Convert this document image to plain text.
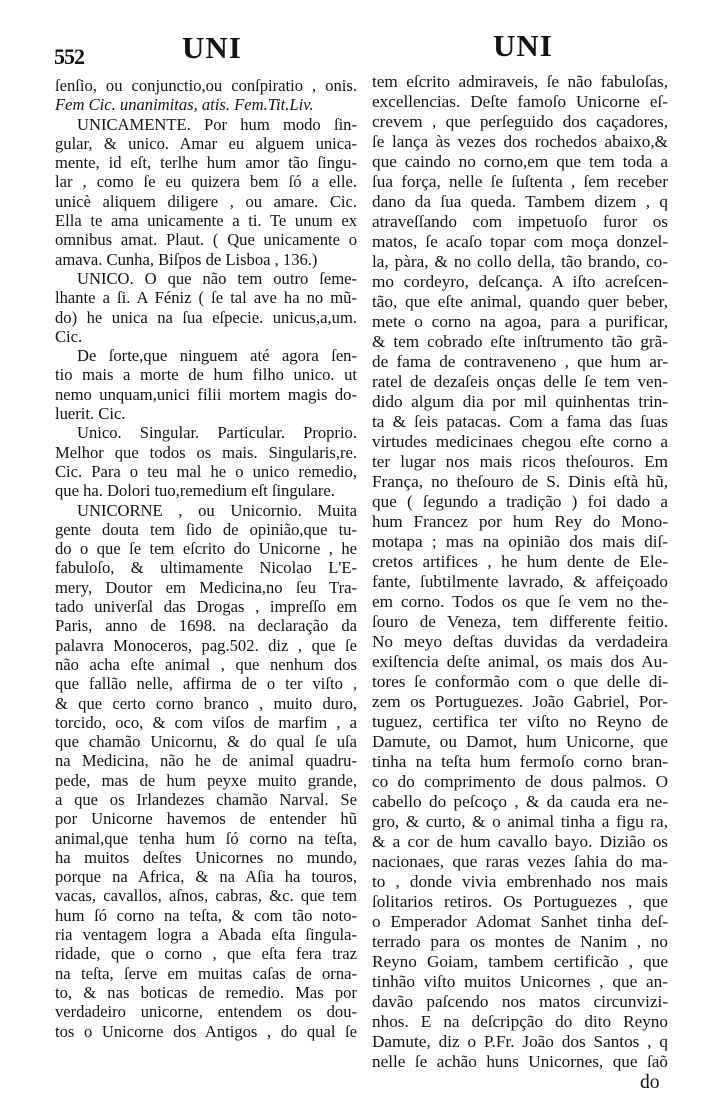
552	UNI	UNI
ſenſio, ou conjunctio,ou conſpiratio , onis.
Fem Cic. unanimitas, atis. Fem.Tit.Liv.
UNICAMENTE. Por hum modo ſin-
gular, & unico. Amar eu alguem unica-
mente, id eſt, terlhe hum amor tão ſingu-
lar , como ſe eu quizera bem ſó a elle.
unicè aliquem diligere , ou amare. Cic.
Ella te ama unicamente a ti. Te unum ex
omnibus amat. Plaut. ( Que unicamente o
amava. Cunha, Biſpos de Lisboa , 136.)
UNICO. O que não tem outro ſeme-
lhante a ſi. A Féniz ( ſe tal ave ha no mũ-
do) he unica na ſua eſpecie. unicus,a,um.
Cic.
De ſorte,que ninguem até agora ſen-
tio mais a morte de hum filho unico. ut
nemo unquam,unici filii mortem magis do-
luerit. Cic.
Unico. Singular. Particular. Proprio.
Melhor que todos os mais. Singularis,re.
Cic. Para o teu mal he o unico remedio,
que ha. Dolori tuo,remedium eſt ſingulare.
UNICORNE , ou Unicornio. Muita
gente douta tem ſido de opinião,que tu-
do o que ſe tem eſcrito do Unicorne , he
fabuloſo, & ultimamente Nicolao L'E-
mery, Doutor em Medicina,no ſeu Tra-
tado univerſal das Drogas , impreſſo em
Paris, anno de 1698. na declaração da
palavra Monoceros, pag.502. diz , que ſe
não acha eſte animal , que nenhum dos
que fallão nelle, affirma de o ter viſto ,
& que certo corno branco , muito duro,
torcido, oco, & com viſos de marfim , a
que chamão Unicornu, & do qual ſe uſa
na Medicina, não he de animal quadru-
pede, mas de hum peyxe muito grande,
a que os Irlandezes chamão Narval. Se
por Unicorne havemos de entender hũ
animal,que tenha hum ſó corno na teſta,
ha muitos deſtes Unicornes no mundo,
porque na Africa, & na Aſia ha touros,
vacas, cavallos, aſnos, cabras, &c. que tem
hum ſó corno na teſta, & com tão noto-
ria ventagem logra a Abada eſta ſingula-
ridade, que o corno , que eſta fera traz
na teſta, ſerve em muitas caſas de orna-
to, & nas boticas de remedio. Mas por
verdadeiro unicorne, entendem os dou-
tos o Unicorne dos Antigos , do qual ſe
tem eſcrito admiraveis, ſe não fabuloſas,
excellencias. Deſte famoſo Unicorne eſ-
crevem , que perſeguido dos caçadores,
ſe lança às vezes dos rochedos abaixo,&
que caindo no corno,em que tem toda a
ſua força, nelle ſe ſuſtenta , ſem receber
dano da ſua queda. Tambem dizem , q
atraveſſando com impetuoſo furor os
matos, ſe acaſo topar com moça donzel-
la, pàra, & no collo della, tão brando, co-
mo cordeyro, deſcança. A iſto acreſcen-
tão, que eſte animal, quando quer beber,
mete o corno na agoa, para a purificar,
& tem cobrado eſte inſtrumento tão grã-
de fama de contraveneno , que hum ar-
ratel de dezaſeis onças delle ſe tem ven-
dido algum dia por mil quinhentas trin-
ta & ſeis patacas. Com a fama das ſuas
virtudes medicinaes chegou eſte corno a
ter lugar nos mais ricos theſouros. Em
França, no theſouro de S. Dinis eſtà hũ,
que ( ſegundo a tradição ) foi dado a
hum Francez por hum Rey do Mono-
motapa ; mas na opinião dos mais diſ-
cretos artifices , he hum dente de Ele-
fante, ſubtilmente lavrado, & affeiçoado
em corno. Todos os que ſe vem no the-
ſouro de Veneza, tem differente feitio.
No meyo deſtas duvidas da verdadeira
exiſtencia deſte animal, os mais dos Au-
tores ſe conformão com o que delle di-
zem os Portuguezes. João Gabriel, Por-
tuguez, certifica ter viſto no Reyno de
Damute, ou Damot, hum Unicorne, que
tinha na teſta hum fermoſo corno bran-
co do comprimento de dous palmos. O
cabello do peſcoço , & da cauda era ne-
gro, & curto, & o animal tinha a figu ra,
& a cor de hum cavallo bayo. Dizião os
nacionaes, que raras vezes ſahia do ma-
to , donde vivia embrenhado nos mais
ſolitarios retiros. Os Portuguezes , que
o Emperador Adomat Sanhet tinha deſ-
terrado para os montes de Nanim , no
Reyno Goiam, tambem certificão , que
tinhão viſto muitos Unicornes , que an-
davão paſcendo nos matos circunvizi-
nhos. E na deſcripção do dito Reyno
Damute, diz o P.Fr. João dos Santos , q
nelle ſe achão huns Unicornes, que ſaõ
do
